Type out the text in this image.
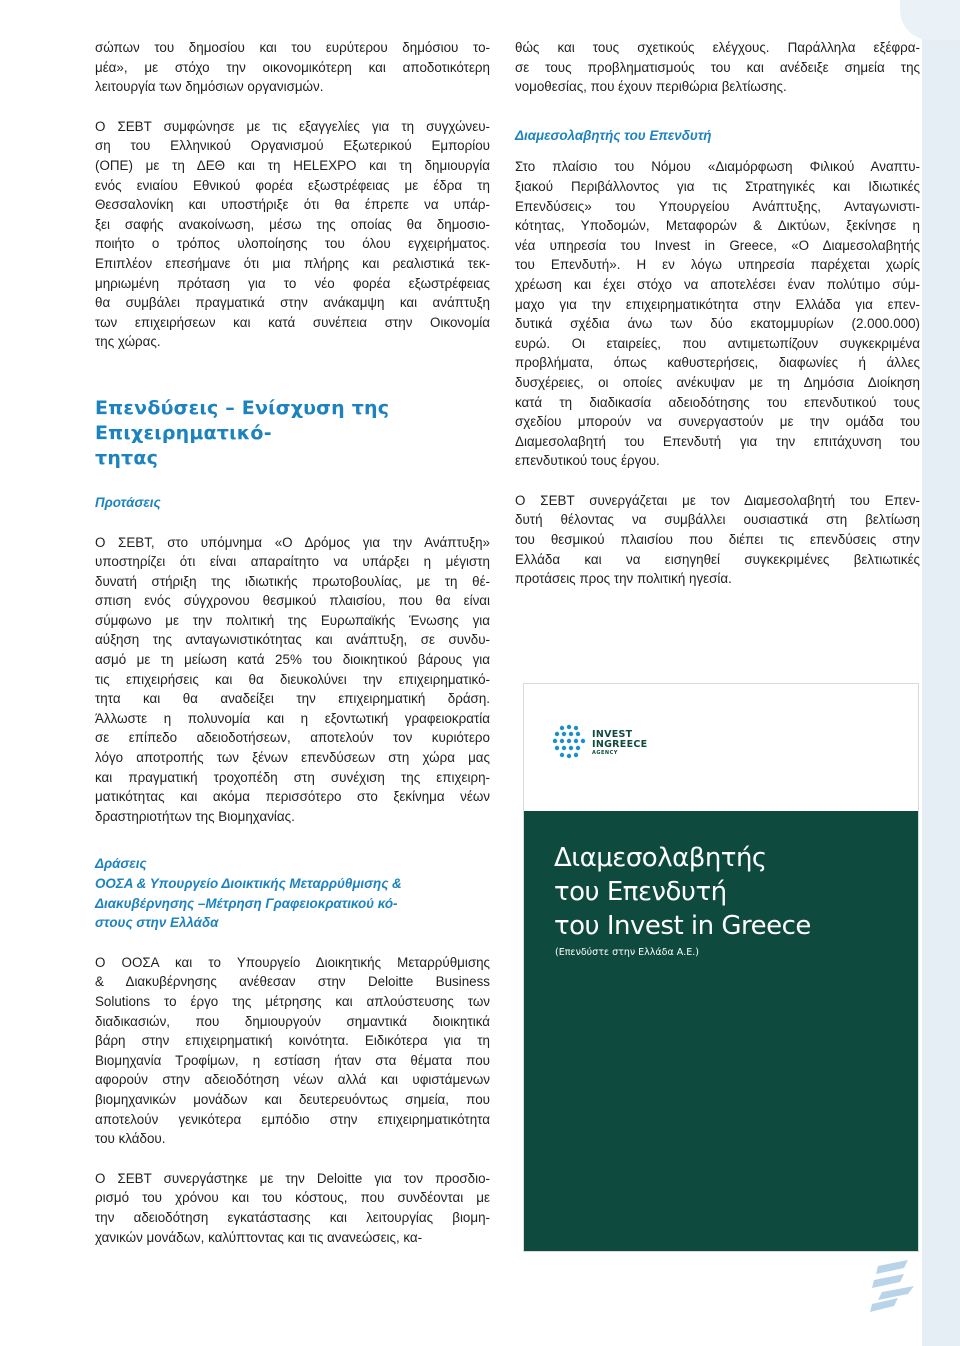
σώπων του δημοσίου και του ευρύτερου δημόσιου το-
μέα», με στόχο την οικονομικότερη και αποδοτικότερη
λειτουργία των δημόσιων οργανισμών.

Ο ΣΕΒΤ συμφώνησε με τις εξαγγελίες για τη συγχώνευ-
ση του Ελληνικού Οργανισμού Εξωτερικού Εμπορίου
(ΟΠΕ) με τη ΔΕΘ και τη HELEXPO και τη δημιουργία
ενός ενιαίου Εθνικού φορέα εξωστρέφειας με έδρα τη
Θεσσαλονίκη και υποστήριξε ότι θα έπρεπε να υπάρ-
ξει σαφής ανακοίνωση, μέσω της οποίας θα δημοσιο-
ποιήτο ο τρόπος υλοποίησης του όλου εγχειρήματος.
Επιπλέον επεσήμανε ότι μια πλήρης και ρεαλιστικά τεκ-
μηριωμένη πρόταση για το νέο φορέα εξωστρέφειας
θα συμβάλει πραγματικά στην ανάκαμψη και ανάπτυξη
των επιχειρήσεων και κατά συνέπεια στην Οικονομία
της χώρας.

Επενδύσεις – Ενίσχυση της Επιχειρηματικό-
τητας

Προτάσεις

Ο ΣΕΒΤ, στο υπόμνημα «Ο Δρόμος για την Ανάπτυξη»
υποστηρίζει ότι είναι απαραίτητο να υπάρξει η μέγιστη
δυνατή στήριξη της ιδιωτικής πρωτοβουλίας, με τη θέ-
σπιση ενός σύγχρονου θεσμικού πλαισίου, που θα είναι
σύμφωνο με την πολιτική της Ευρωπαϊκής Ένωσης για
αύξηση της ανταγωνιστικότητας και ανάπτυξη, σε συνδυ-
ασμό με τη μείωση κατά 25% του διοικητικού βάρους για
τις επιχειρήσεις και θα διευκολύνει την επιχειρηματικό-
τητα και θα αναδείξει την επιχειρηματική δράση.
Άλλωστε η πολυνομία και η εξοντωτική γραφειοκρατία
σε επίπεδο αδειοδοτήσεων, αποτελούν τον κυριότερο
λόγο αποτροπής των ξένων επενδύσεων στη χώρα μας
και πραγματική τροχοπέδη στη συνέχιση της επιχειρη-
ματικότητας και ακόμα περισσότερο στο ξεκίνημα νέων
δραστηριοτήτων της Βιομηχανίας.

Δράσεις
ΟΟΣΑ & Υπουργείο Διοικτικής Μεταρρύθμισης &
Διακυβέρνησης –Μέτρηση Γραφειοκρατικού κό-
στους στην Ελλάδα

Ο ΟΟΣΑ και το Υπουργείο Διοικητικής Μεταρρύθμισης
& Διακυβέρνησης ανέθεσαν στην Deloitte Business
Solutions το έργο της μέτρησης και απλούστευσης των
διαδικασιών, που δημιουργούν σημαντικά διοικητικά
βάρη στην επιχειρηματική κοινότητα. Ειδικότερα για τη
Βιομηχανία Τροφίμων, η εστίαση ήταν στα θέματα που
αφορούν στην αδειοδότηση νέων αλλά και υφιστάμενων
βιομηχανικών μονάδων και δευτερευόντως σημεία, που
αποτελούν γενικότερα εμπόδιο στην επιχειρηματικότητα
του κλάδου.

Ο ΣΕΒΤ συνεργάστηκε με την Deloitte για τον προσδιο-
ρισμό του χρόνου και του κόστους, που συνδέονται με
την αδειοδότηση εγκατάστασης και λειτουργίας βιομη-
χανικών μονάδων, καλύπτοντας και τις ανανεώσεις, κα-

θώς και τους σχετικούς ελέγχους. Παράλληλα εξέφρα-
σε τους προβληματισμούς του και ανέδειξε σημεία της
νομοθεσίας, που έχουν περιθώρια βελτίωσης.

Διαμεσολαβητής του Επενδυτή

Στο πλαίσιο του Νόμου «Διαμόρφωση Φιλικού Αναπτυ-
ξιακού Περιβάλλοντος για τις Στρατηγικές και Ιδιωτικές
Επενδύσεις» του Υπουργείου Ανάπτυξης, Ανταγωνιστι-
κότητας, Υποδομών, Μεταφορών & Δικτύων, ξεκίνησε η
νέα υπηρεσία του Invest in Greece, «Ο Διαμεσολαβητής
του Επενδυτή». Η εν λόγω υπηρεσία παρέχεται χωρίς
χρέωση και έχει στόχο να αποτελέσει έναν πολύτιμο σύμ-
μαχο για την επιχειρηματικότητα στην Ελλάδα για επεν-
δυτικά σχέδια άνω των δύο εκατομμυρίων (2.000.000)
ευρώ. Οι εταιρείες, που αντιμετωπίζουν συγκεκριμένα
προβλήματα, όπως καθυστερήσεις, διαφωνίες ή άλλες
δυσχέρειες, οι οποίες ανέκυψαν με τη Δημόσια Διοίκηση
κατά τη διαδικασία αδειοδότησης του επενδυτικού τους
σχεδίου μπορούν να συνεργαστούν με την ομάδα του
Διαμεσολαβητή του Επενδυτή για την επιτάχυνση του
επενδυτικού τους έργου.

Ο ΣΕΒΤ συνεργάζεται με τον Διαμεσολαβητή του Επεν-
δυτή θέλοντας να συμβάλλει ουσιαστικά στη βελτίωση
του θεσμικού πλαισίου που διέπει τις επενδύσεις στην
Ελλάδα και να εισηγηθεί συγκεκριμένες βελτιωτικές
προτάσεις προς την πολιτική ηγεσία.

INVEST
INGREECE
AGENCY
Διαμεσολαβητής
του Επενδυτή
του Invest in Greece
(Επενδύστε στην Ελλάδα Α.Ε.)
